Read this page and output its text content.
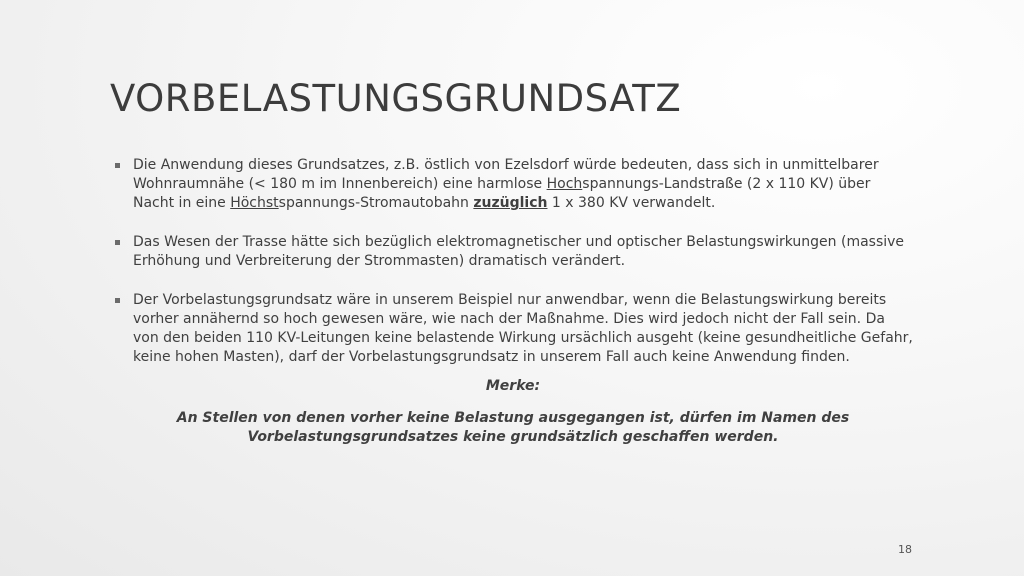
VORBELASTUNGSGRUNDSATZ

Die Anwendung dieses Grundsatzes, z.B. östlich von Ezelsdorf würde bedeuten, dass sich in unmittelbarer Wohnraumnähe (< 180 m im Innenbereich) eine harmlose Hochspannungs-Landstraße (2 x 110 KV) über Nacht in eine Höchstspannungs-Stromautobahn zuzüglich 1 x 380 KV verwandelt.

Das Wesen der Trasse hätte sich bezüglich elektromagnetischer und optischer Belastungswirkungen (massive Erhöhung und Verbreiterung der Strommasten) dramatisch verändert.

Der Vorbelastungsgrundsatz wäre in unserem Beispiel nur anwendbar, wenn die Belastungswirkung bereits vorher annähernd so hoch gewesen wäre, wie nach der Maßnahme. Dies wird jedoch nicht der Fall sein. Da von den beiden 110 KV-Leitungen keine belastende Wirkung ursächlich ausgeht (keine gesundheitliche Gefahr, keine hohen Masten), darf der Vorbelastungsgrundsatz in unserem Fall auch keine Anwendung finden.

Merke:

An Stellen von denen vorher keine Belastung ausgegangen ist, dürfen im Namen des

Vorbelastungsgrundsatzes keine grundsätzlich geschaffen werden.

18
